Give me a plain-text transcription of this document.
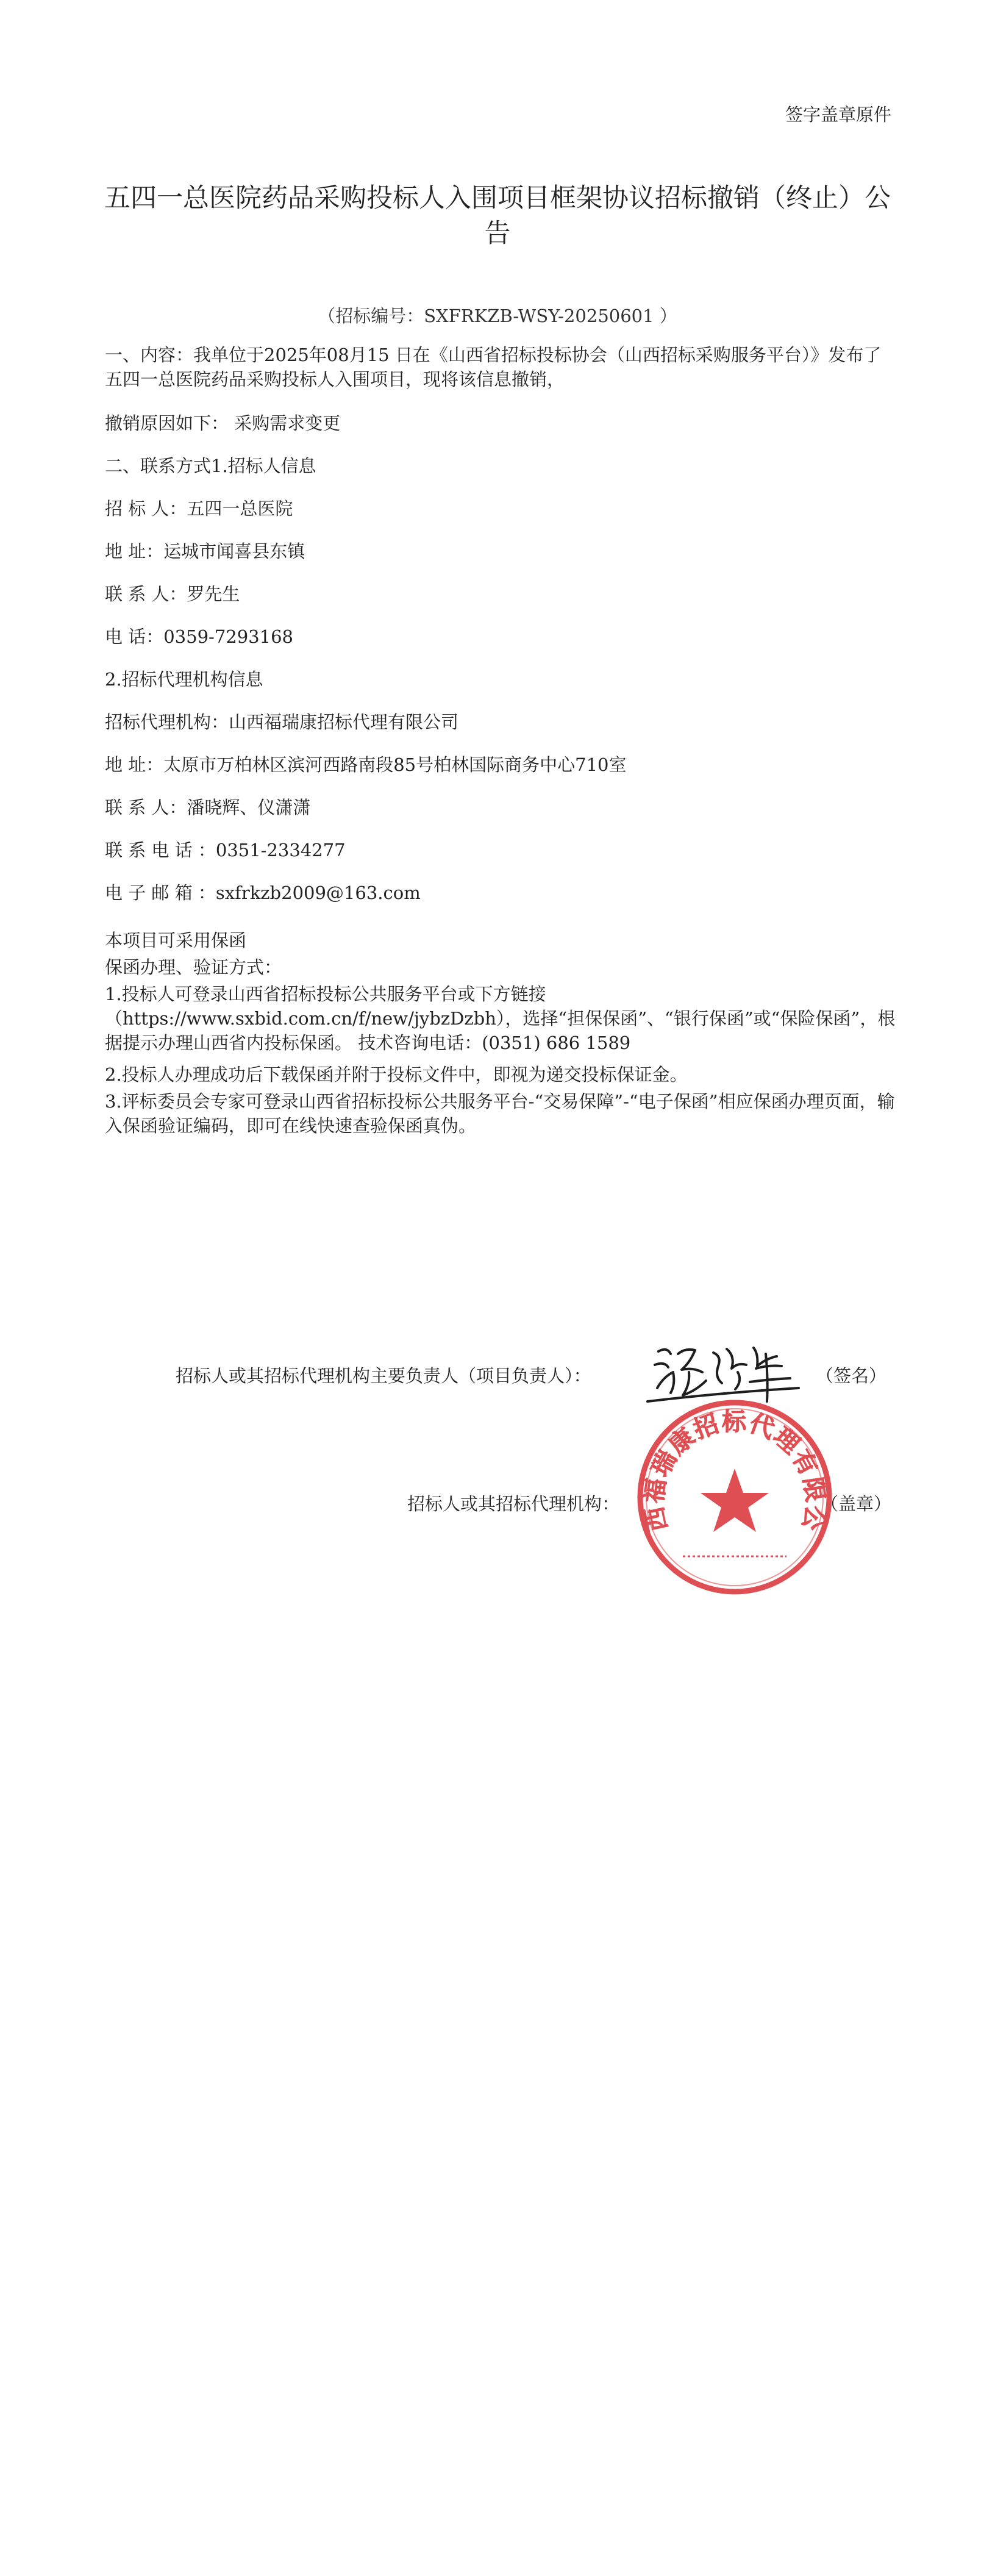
签字盖章原件
五四一总医院药品采购投标人入围项目框架协议招标撤销（终止）公告
（招标编号：SXFRKZB-WSY-20250601 ）
一、内容：我单位于2025年08月15 日在《山西省招标投标协会（山西招标采购服务平台）》发布了 五四一总医院药品采购投标人入围项目，现将该信息撤销，
撤销原因如下： 采购需求变更
二、联系方式1.招标人信息
招 标 人：五四一总医院
地 址：运城市闻喜县东镇
联 系 人：罗先生
电 话：0359-7293168
2.招标代理机构信息
招标代理机构：山西福瑞康招标代理有限公司
地 址：太原市万柏林区滨河西路南段85号柏林国际商务中心710室
联 系 人：潘晓辉、仪潇潇
联 系 电 话 ：0351-2334277
电 子 邮 箱 ：sxfrkzb2009@163.com
本项目可采用保函
保函办理、验证方式：
1.投标人可登录山西省招标投标公共服务平台或下方链接（https://www.sxbid.com.cn/f/new/jybzDzbh），选择“担保保函”、“银行保函”或“保险保函”，根据提示办理山西省内投标保函。 技术咨询电话：(0351) 686 1589
2.投标人办理成功后下载保函并附于投标文件中，即视为递交投标保证金。
3.评标委员会专家可登录山西省招标投标公共服务平台-“交易保障”-“电子保函”相应保函办理页面，输入保函验证编码，即可在线快速查验保函真伪。
招标人或其招标代理机构主要负责人（项目负责人）：	（签名）
招标人或其招标代理机构：	（盖章）
山西福瑞康招标代理有限公司
